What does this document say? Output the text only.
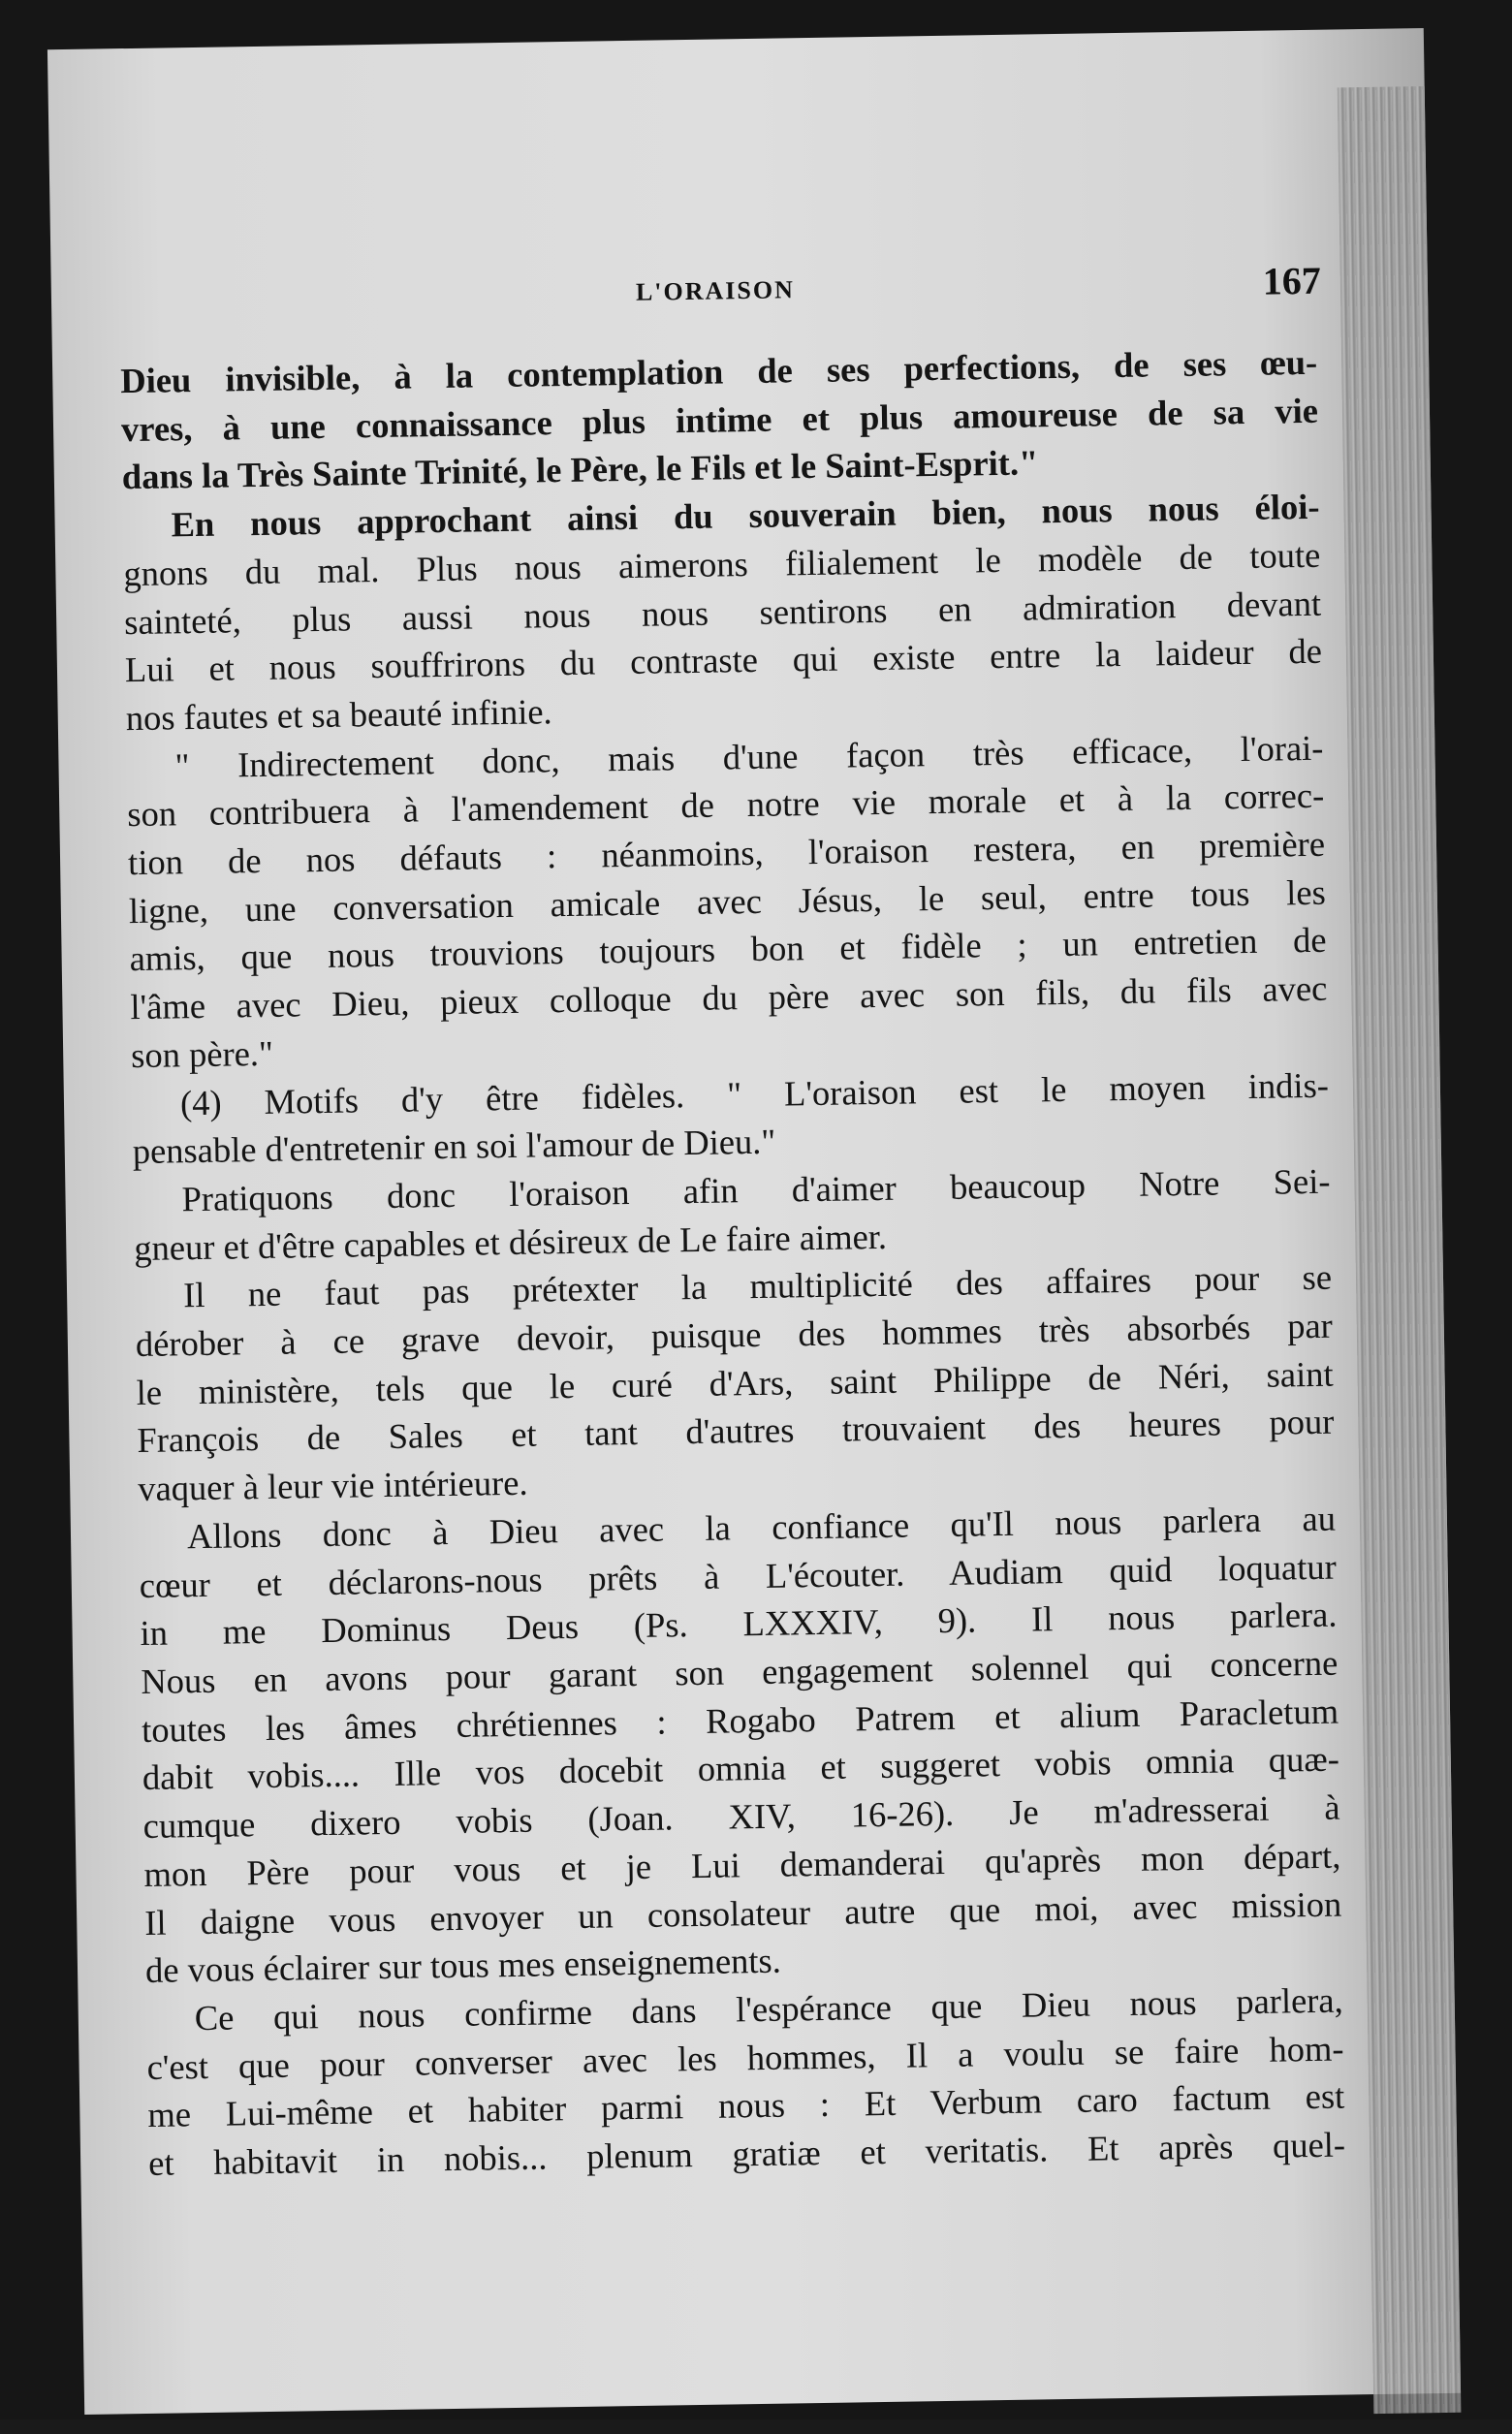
L'ORAISON	167
Dieu invisible, à la contemplation de ses perfections, de ses œu-
vres, à une connaissance plus intime et plus amoureuse de sa vie
dans la Très Sainte Trinité, le Père, le Fils et le Saint-Esprit."
En nous approchant ainsi du souverain bien, nous nous éloi-
gnons du mal. Plus nous aimerons filialement le modèle de toute
sainteté, plus aussi nous nous sentirons en admiration devant
Lui et nous souffrirons du contraste qui existe entre la laideur de
nos fautes et sa beauté infinie.
" Indirectement donc, mais d'une façon très efficace, l'orai-
son contribuera à l'amendement de notre vie morale et à la correc-
tion de nos défauts : néanmoins, l'oraison restera, en première
ligne, une conversation amicale avec Jésus, le seul, entre tous les
amis, que nous trouvions toujours bon et fidèle ; un entretien de
l'âme avec Dieu, pieux colloque du père avec son fils, du fils avec
son père."
(4) Motifs d'y être fidèles. " L'oraison est le moyen indis-
pensable d'entretenir en soi l'amour de Dieu."
Pratiquons donc l'oraison afin d'aimer beaucoup Notre Sei-
gneur et d'être capables et désireux de Le faire aimer.
Il ne faut pas prétexter la multiplicité des affaires pour se
dérober à ce grave devoir, puisque des hommes très absorbés par
le ministère, tels que le curé d'Ars, saint Philippe de Néri, saint
François de Sales et tant d'autres trouvaient des heures pour
vaquer à leur vie intérieure.
Allons donc à Dieu avec la confiance qu'Il nous parlera au
cœur et déclarons-nous prêts à L'écouter. Audiam quid loquatur
in me Dominus Deus (Ps. LXXXIV, 9). Il nous parlera.
Nous en avons pour garant son engagement solennel qui concerne
toutes les âmes chrétiennes : Rogabo Patrem et alium Paracletum
dabit vobis.... Ille vos docebit omnia et suggeret vobis omnia quæ-
cumque dixero vobis (Joan. XIV, 16-26). Je m'adresserai à
mon Père pour vous et je Lui demanderai qu'après mon départ,
Il daigne vous envoyer un consolateur autre que moi, avec mission
de vous éclairer sur tous mes enseignements.
Ce qui nous confirme dans l'espérance que Dieu nous parlera,
c'est que pour converser avec les hommes, Il a voulu se faire hom-
me Lui-même et habiter parmi nous : Et Verbum caro factum est
et habitavit in nobis... plenum gratiæ et veritatis. Et après quel-
